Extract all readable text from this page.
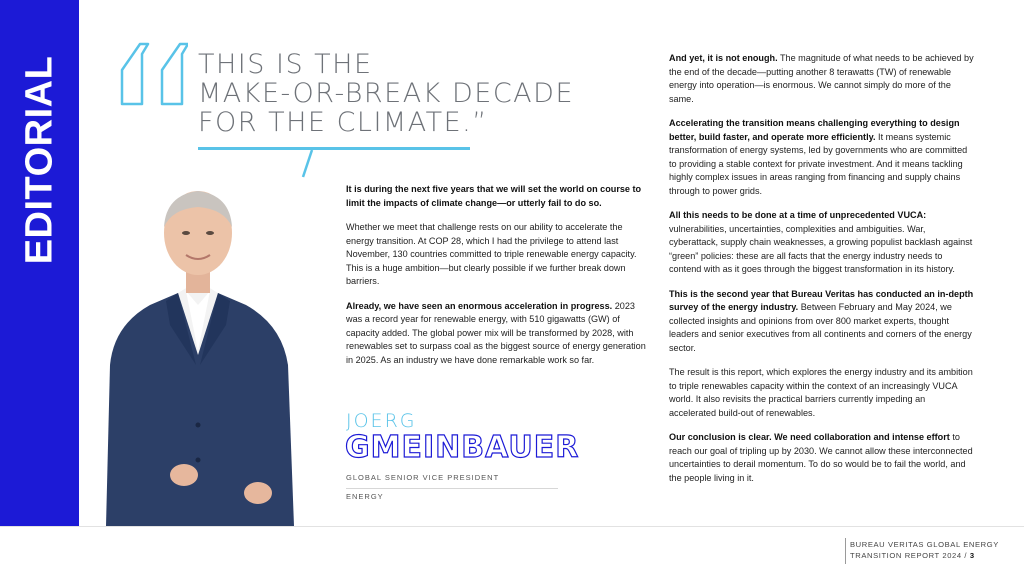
EDITORIAL	THIS IS THE
MAKE-OR-BREAK DECADE
FOR THE CLIMATE.”

It is during the next five years that we will set the world on course to limit the impacts of climate change—or utterly fail to do so.

Whether we meet that challenge rests on our ability to accelerate the energy transition. At COP 28, which I had the privilege to attend last November, 130 countries committed to triple renewable energy capacity. This is a huge ambition—but clearly possible if we further break down barriers.

Already, we have seen an enormous acceleration in progress. 2023 was a record year for renewable energy, with 510 gigawatts (GW) of capacity added. The global power mix will be transformed by 2028, with renewables set to surpass coal as the biggest source of energy generation in 2025. As an industry we have done remarkable work so far.

JOERG
GMEINBAUER
GLOBAL SENIOR VICE PRESIDENT
ENERGY

And yet, it is not enough. The magnitude of what needs to be achieved by the end of the decade—putting another 8 terawatts (TW) of renewable energy into operation—is enormous. We cannot simply do more of the same.

Accelerating the transition means challenging everything to design better, build faster, and operate more efficiently. It means systemic transformation of energy systems, led by governments who are committed to providing a stable context for private investment. And it means tackling highly complex issues in areas ranging from financing and supply chains through to power grids.

All this needs to be done at a time of unprecedented VUCA: vulnerabilities, uncertainties, complexities and ambiguities. War, cyberattack, supply chain weaknesses, a growing populist backlash against “green” policies: these are all facts that the energy industry needs to contend with as it goes through the biggest transformation in its history.

This is the second year that Bureau Veritas has conducted an in-depth survey of the energy industry. Between February and May 2024, we collected insights and opinions from over 800 market experts, thought leaders and senior executives from all continents and corners of the energy sector.

The result is this report, which explores the energy industry and its ambition to triple renewables capacity within the context of an increasingly VUCA world. It also revisits the practical barriers currently impeding an accelerated build-out of renewables.

Our conclusion is clear. We need collaboration and intense effort to reach our goal of tripling up by 2030. We cannot allow these interconnected uncertainties to derail momentum. To do so would be to fail the world, and the people living in it.

BUREAU VERITAS GLOBAL ENERGY
TRANSITION REPORT 2024 / 3
